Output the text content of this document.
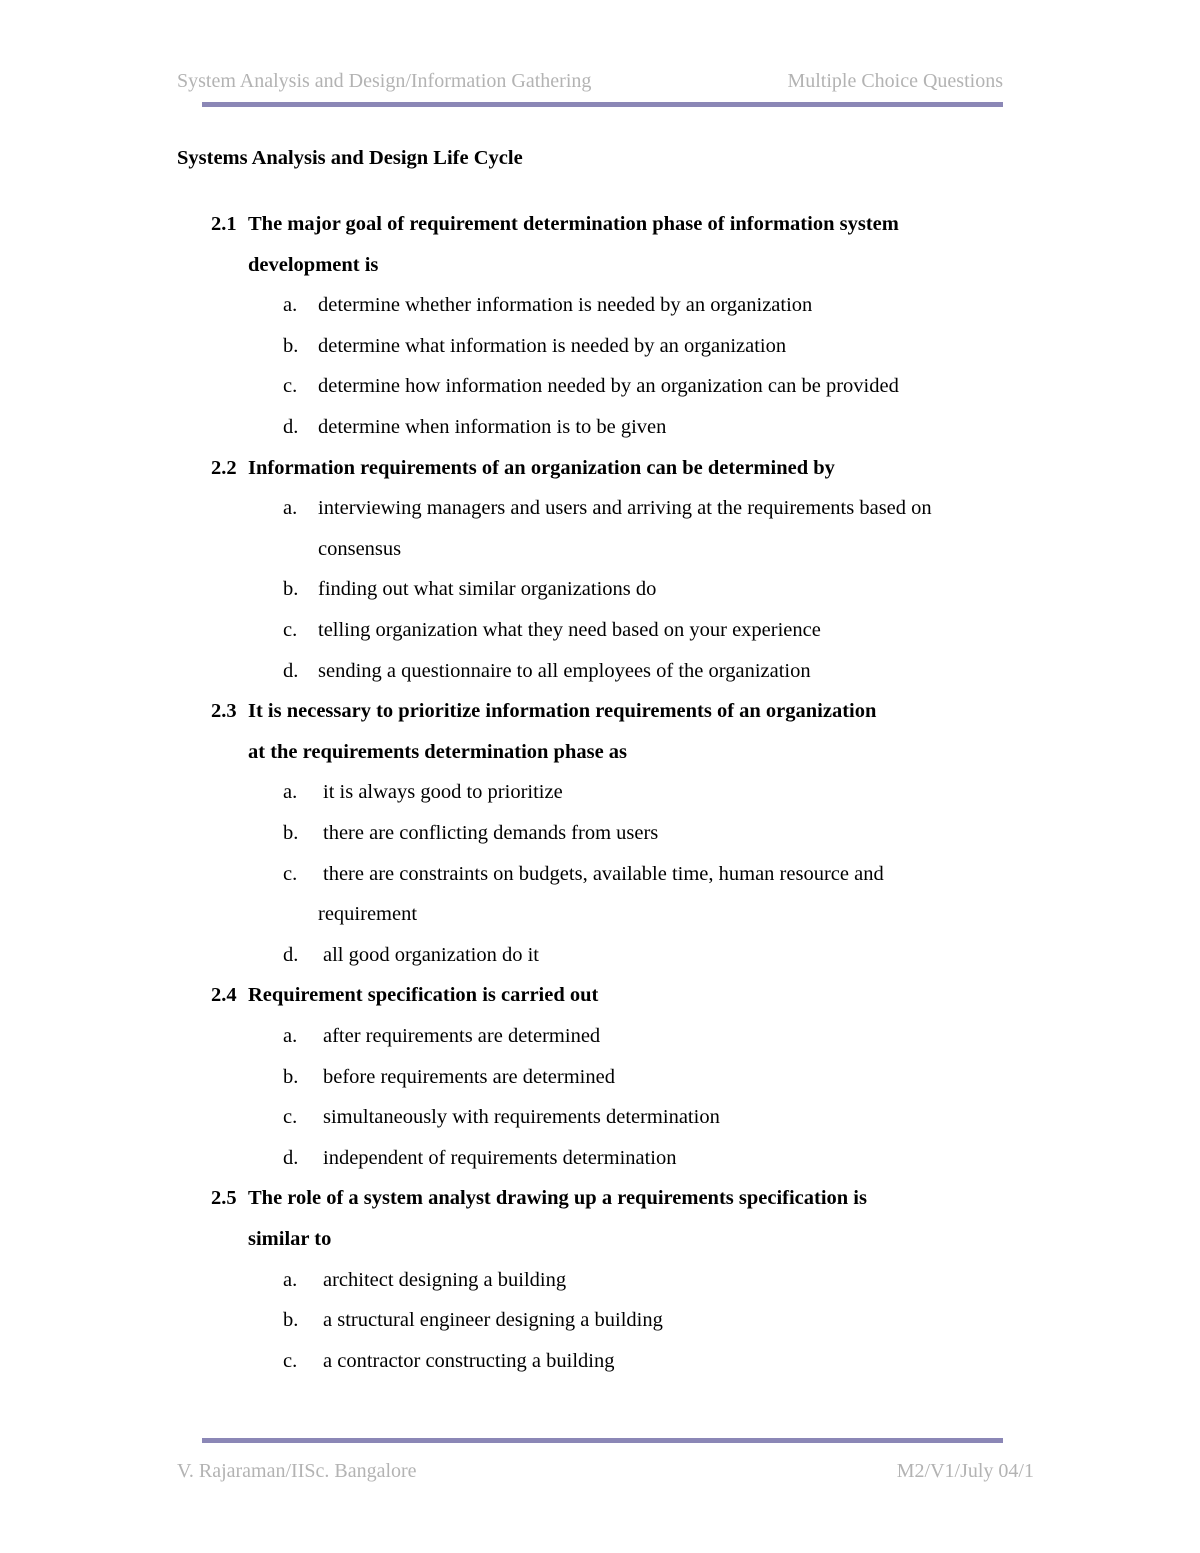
System Analysis and Design/Information Gathering	Multiple Choice Questions
Systems Analysis and Design Life Cycle
2.1 The major goal of requirement determination phase of information system
development is
a. determine whether information is needed by an organization
b. determine what information is needed by an organization
c. determine how information needed by an organization can be provided
d. determine when information is to be given
2.2 Information requirements of an organization can be determined by
a. interviewing managers and users and arriving at the requirements based on
consensus
b. finding out what similar organizations do
c. telling organization what they need based on your experience
d. sending a questionnaire to all employees of the organization
2.3 It is necessary to prioritize information requirements of an organization
at the requirements determination phase as
a. it is always good to prioritize
b. there are conflicting demands from users
c. there are constraints on budgets, available time, human resource and
requirement
d. all good organization do it
2.4 Requirement specification is carried out
a. after requirements are determined
b. before requirements are determined
c. simultaneously with requirements determination
d. independent of requirements determination
2.5 The role of a system analyst drawing up a requirements specification is
similar to
a. architect designing a building
b. a structural engineer designing a building
c. a contractor constructing a building
V. Rajaraman/IISc. Bangalore	M2/V1/July 04/1
